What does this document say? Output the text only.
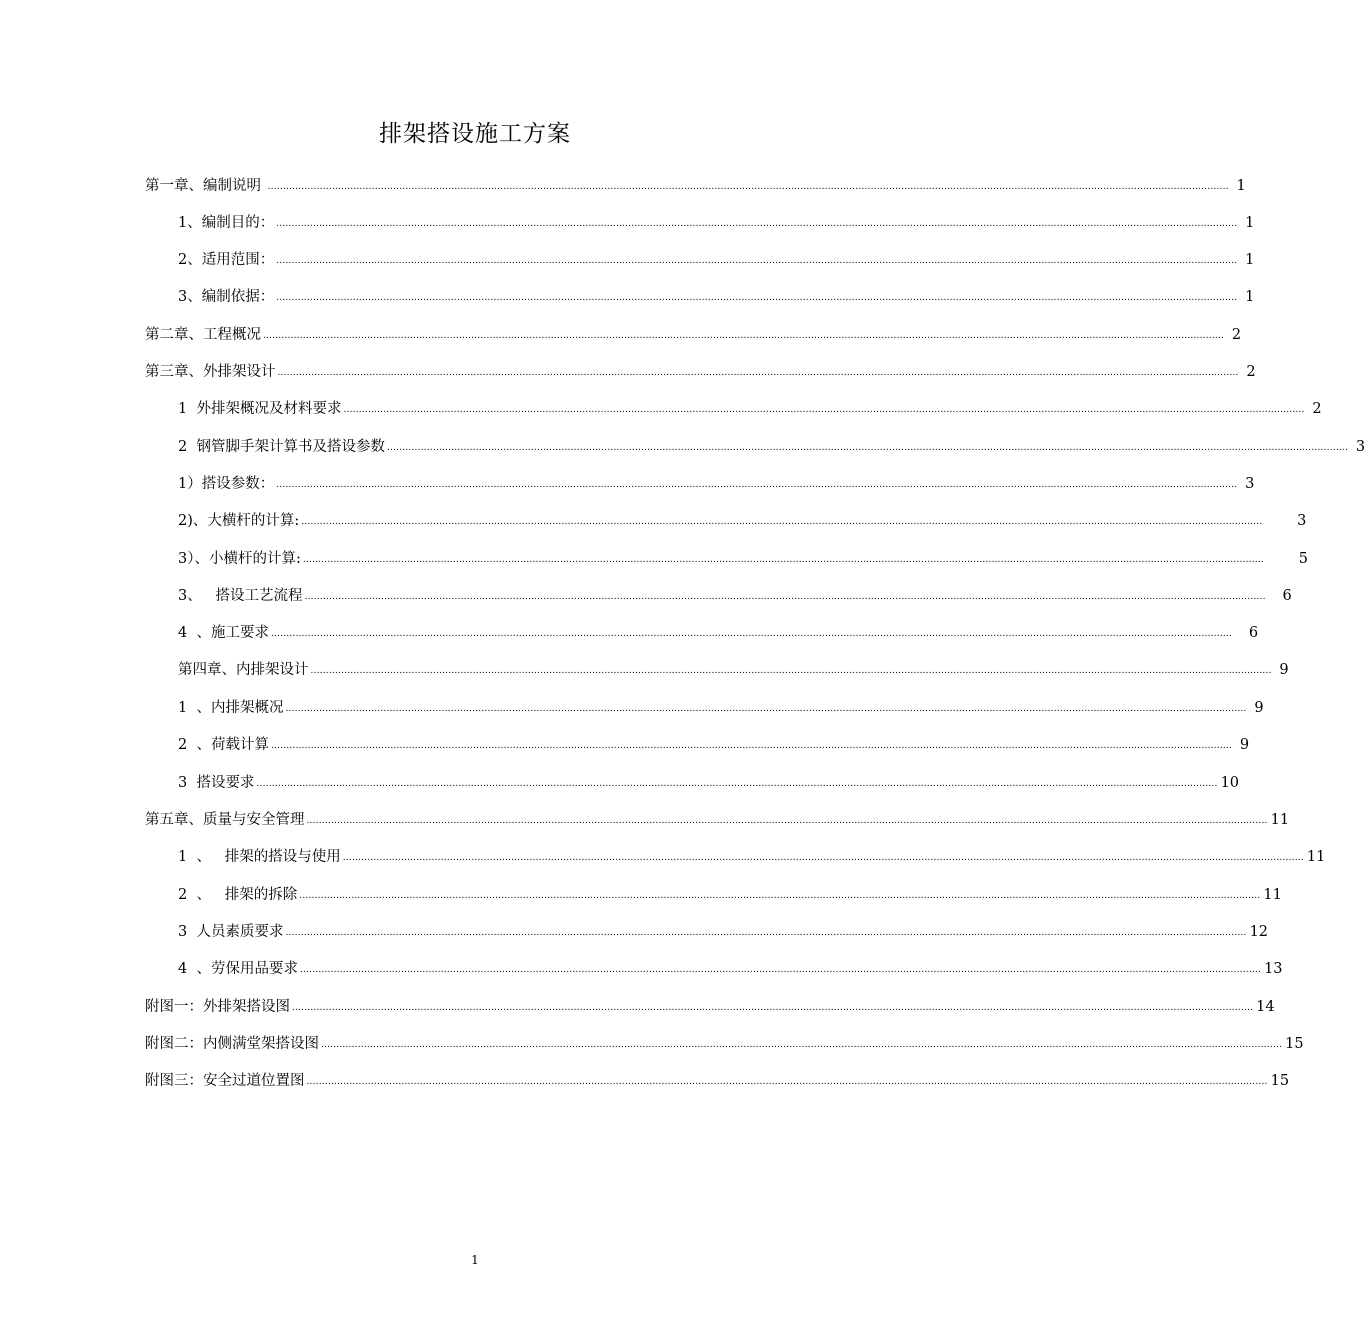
排架搭设施工方案
第一章、编制说明 .......................................................................................................................................................................................................................................................................................................................... 1
1、编制目的： .......................................................................................................................................................................................................................................................................................................................... 1
2、适用范围： .......................................................................................................................................................................................................................................................................................................................... 1
3、编制依据： .......................................................................................................................................................................................................................................................................................................................... 1
第二章、工程概况 .......................................................................................................................................................................................................................................................................................................................... 2
第三章、外排架设计 .......................................................................................................................................................................................................................................................................................................................... 2
1  外排架概况及材料要求 .......................................................................................................................................................................................................................................................................................................................... 2
2  钢管脚手架计算书及搭设参数 .......................................................................................................................................................................................................................................................................................................................... 3
1）搭设参数： .......................................................................................................................................................................................................................................................................................................................... 3
2)、大横杆的计算: ..........................................................................................................................................................................................................................................................................................................................	3
3）、小横杆的计算: ..........................................................................................................................................................................................................................................................................................................................	5
3、   搭设工艺流程 ..........................................................................................................................................................................................................................................................................................................................	6
4  、施工要求 ..........................................................................................................................................................................................................................................................................................................................	6
第四章、内排架设计 .......................................................................................................................................................................................................................................................................................................................... 9
1  、内排架概况 .......................................................................................................................................................................................................................................................................................................................... 9
2  、荷载计算 .......................................................................................................................................................................................................................................................................................................................... 9
3  搭设要求 .......................................................................................................................................................................................................................................................................................................................... 10
第五章、质量与安全管理 .......................................................................................................................................................................................................................................................................................................................... 11
1  、   排架的搭设与使用 .......................................................................................................................................................................................................................................................................................................................... 11
2  、   排架的拆除 .......................................................................................................................................................................................................................................................................................................................... 11
3  人员素质要求 .......................................................................................................................................................................................................................................................................................................................... 12
4  、劳保用品要求 .......................................................................................................................................................................................................................................................................................................................... 13
附图一：外排架搭设图 .......................................................................................................................................................................................................................................................................................................................... 14
附图二：内侧满堂架搭设图 .......................................................................................................................................................................................................................................................................................................................... 15
附图三：安全过道位置图 .......................................................................................................................................................................................................................................................................................................................... 15
1
